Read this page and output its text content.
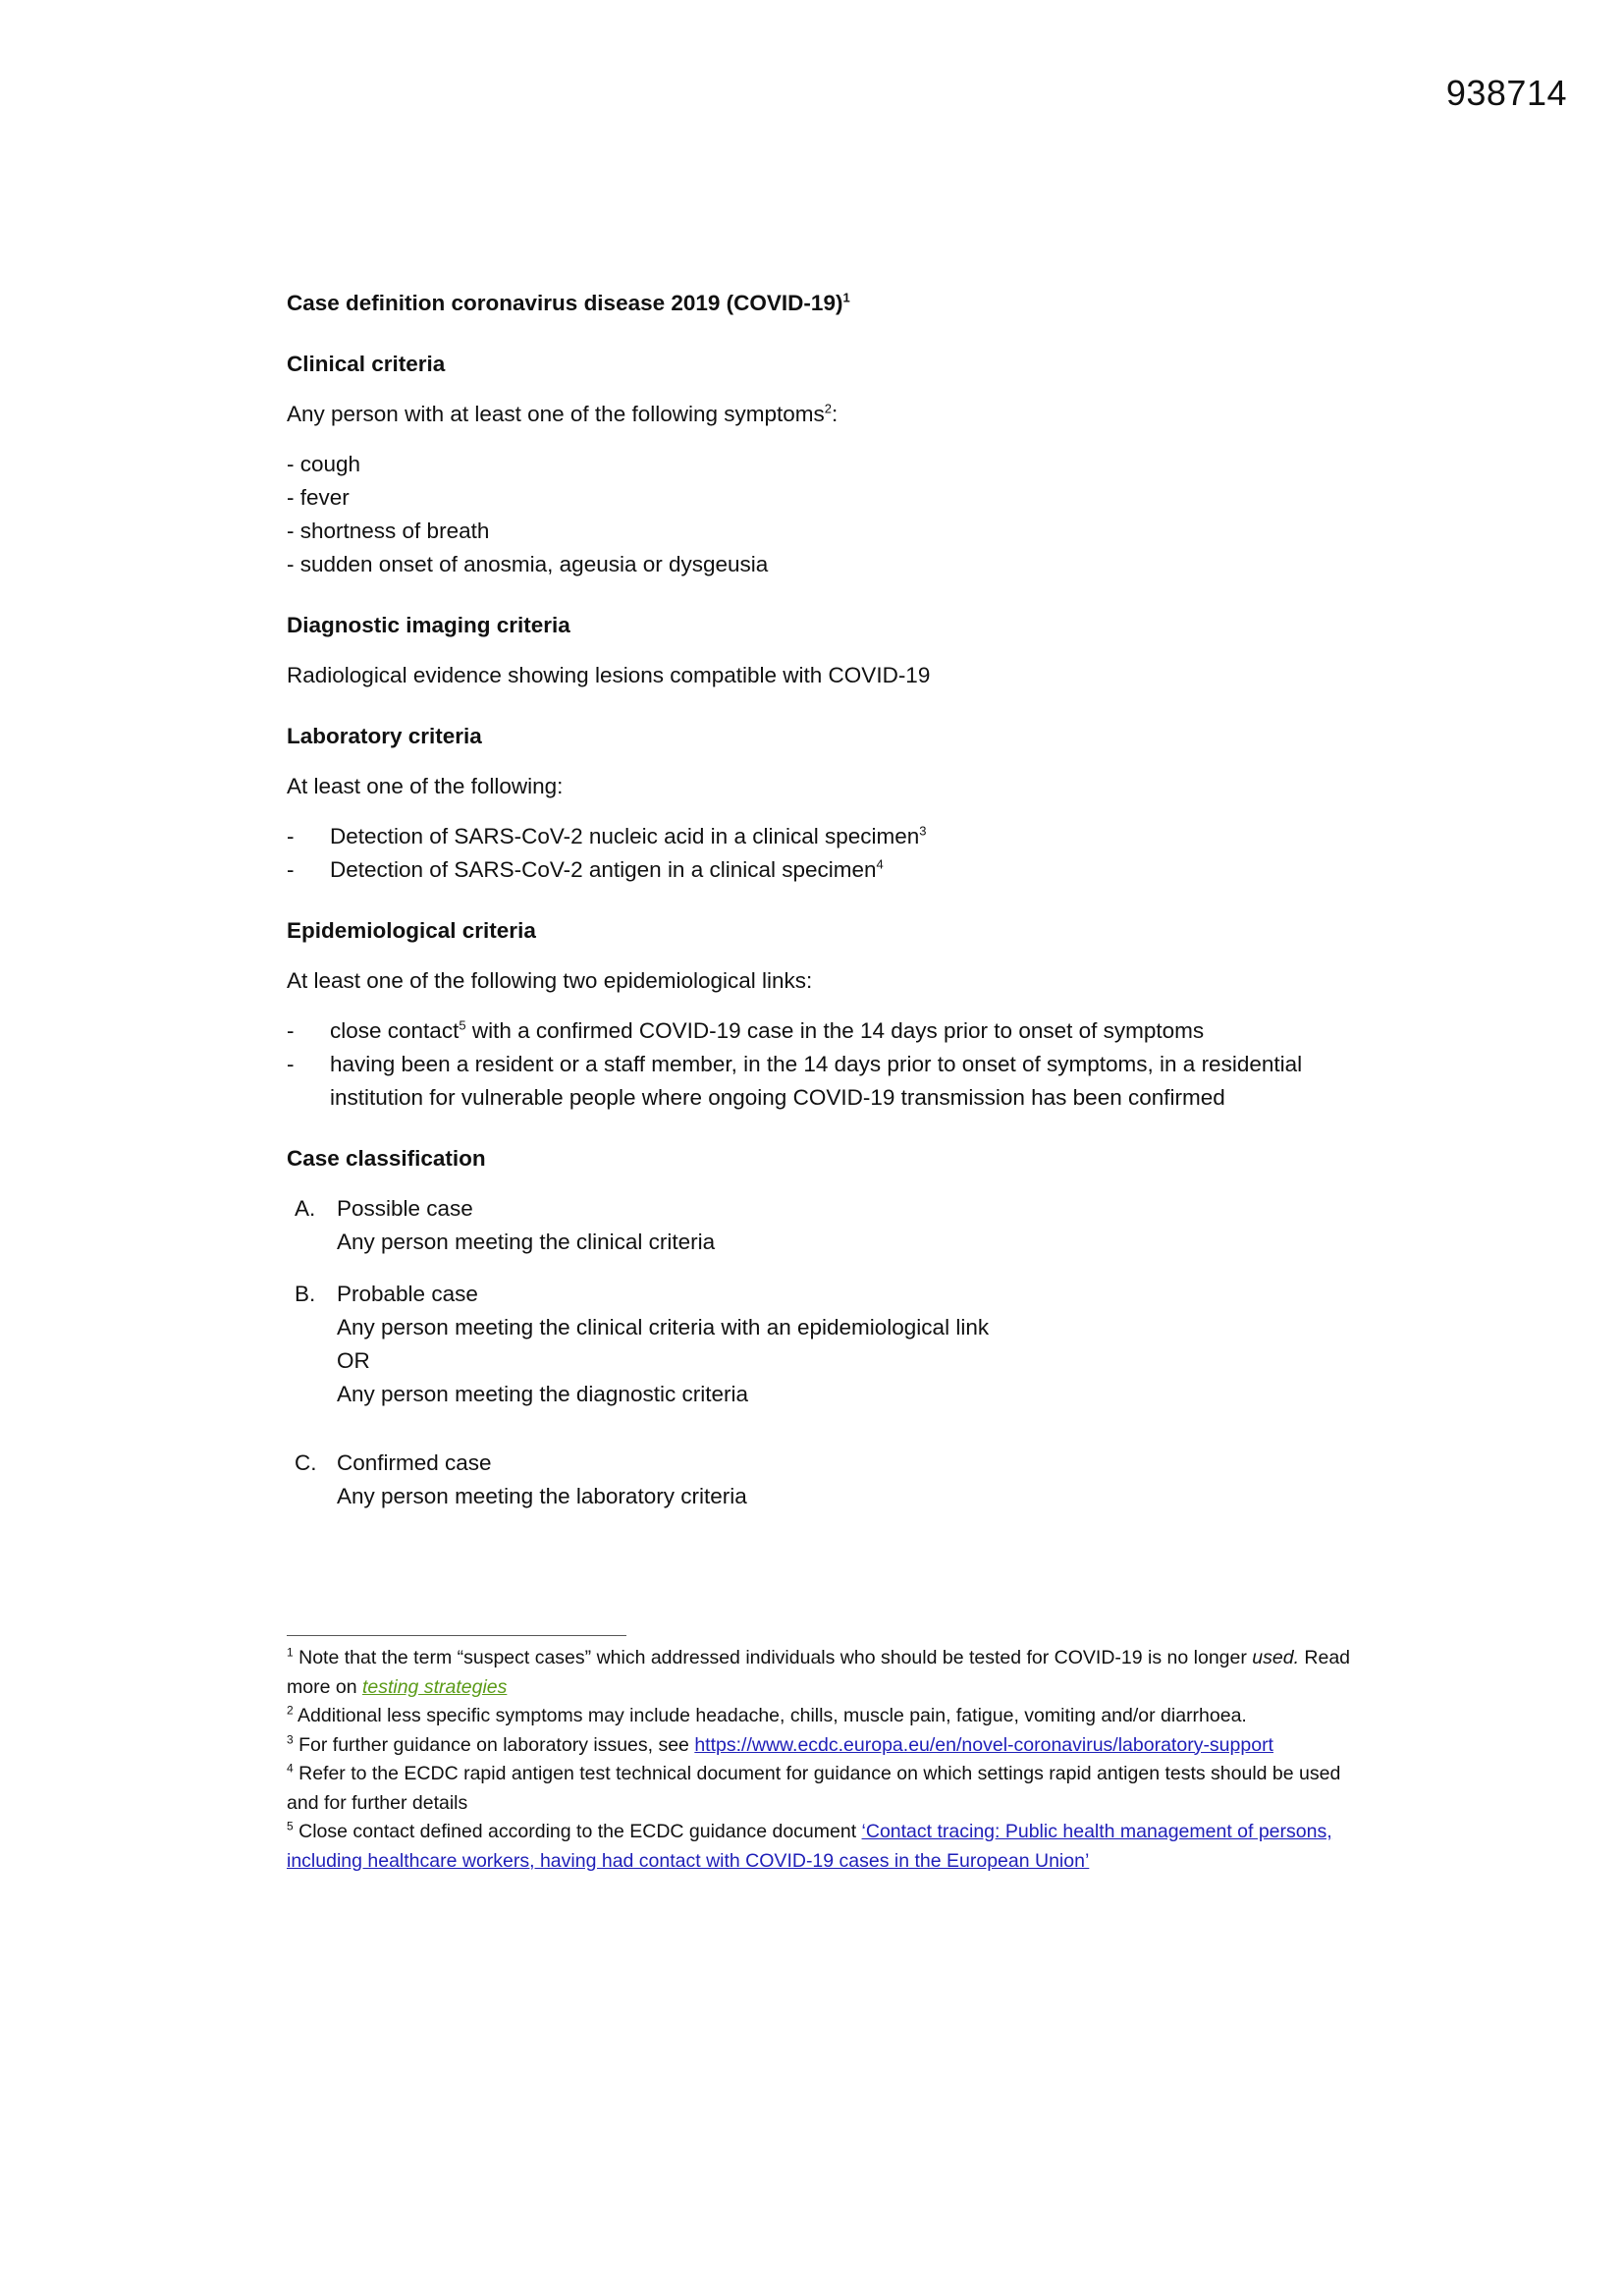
938714
Case definition coronavirus disease 2019 (COVID-19)$^1$
Clinical criteria
Any person with at least one of the following symptoms$^2$:
- cough
- fever
- shortness of breath
- sudden onset of anosmia, ageusia or dysgeusia
Diagnostic imaging criteria
Radiological evidence showing lesions compatible with COVID-19
Laboratory criteria
At least one of the following:
- Detection of SARS-CoV-2 nucleic acid in a clinical specimen$^3$
- Detection of SARS-CoV-2 antigen in a clinical specimen$^4$
Epidemiological criteria
At least one of the following two epidemiological links:
- close contact$^5$ with a confirmed COVID-19 case in the 14 days prior to onset of symptoms
- having been a resident or a staff member, in the 14 days prior to onset of symptoms, in a residential institution for vulnerable people where ongoing COVID-19 transmission has been confirmed
Case classification
A. Possible case
Any person meeting the clinical criteria
B. Probable case
Any person meeting the clinical criteria with an epidemiological link
OR
Any person meeting the diagnostic criteria
C. Confirmed case
Any person meeting the laboratory criteria

$^1$ Note that the term “suspect cases” which addressed individuals who should be tested for COVID-19 is no longer used. Read more on testing strategies

$^2$ Additional less specific symptoms may include headache, chills, muscle pain, fatigue, vomiting and/or diarrhoea.

$^3$ For further guidance on laboratory issues, see https://www.ecdc.europa.eu/en/novel-coronavirus/laboratory-support

$^4$ Refer to the ECDC rapid antigen test technical document for guidance on which settings rapid antigen tests should be used and for further details

$^5$ Close contact defined according to the ECDC guidance document ‘Contact tracing: Public health management of persons, including healthcare workers, having had contact with COVID-19 cases in the European Union’
